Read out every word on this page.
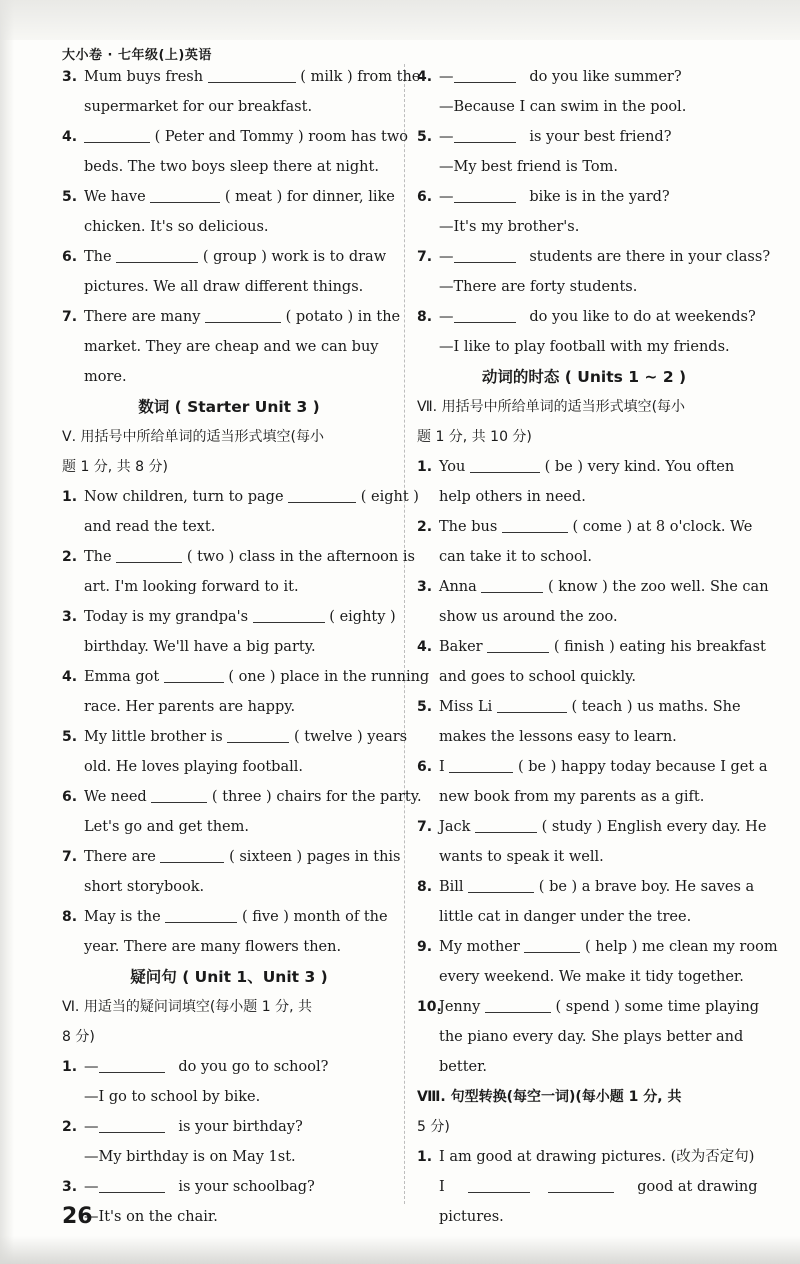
大小卷 · 七年级(上)英语
3. Mum buys fresh	( milk ) from the
supermarket for our breakfast.
4.	( Peter and Tommy ) room has two
beds. The two boys sleep there at night.
5. We have	( meat ) for dinner, like
chicken. It's so delicious.
6. The	( group ) work is to draw
pictures. We all draw different things.
7. There are many	( potato ) in the
market. They are cheap and we can buy
more.
数词 ( Starter Unit 3 )
Ⅴ. 用括号中所给单词的适当形式填空(每小
题 1 分, 共 8 分)
1. Now children, turn to page	( eight )
and read the text.
2. The	( two ) class in the afternoon is
art. I'm looking forward to it.
3. Today is my grandpa's	( eighty )
birthday. We'll have a big party.
4. Emma got	( one ) place in the running
race. Her parents are happy.
5. My little brother is	( twelve ) years
old. He loves playing football.
6. We need	( three ) chairs for the party.
Let's go and get them.
7. There are	( sixteen ) pages in this
short storybook.
8. May is the	( five ) month of the
year. There are many flowers then.
疑问句 ( Unit 1、Unit 3 )
Ⅵ. 用适当的疑问词填空(每小题 1 分, 共
8 分)
1. —	do you go to school?
—I go to school by bike.
2. —	is your birthday?
—My birthday is on May 1st.
3. —	is your schoolbag?
—It's on the chair.
4. —	do you like summer?
—Because I can swim in the pool.
5. —	is your best friend?
—My best friend is Tom.
6. —	bike is in the yard?
—It's my brother's.
7. —	students are there in your class?
—There are forty students.
8. —	do you like to do at weekends?
—I like to play football with my friends.
动词的时态 ( Units 1 ~ 2 )
Ⅶ. 用括号中所给单词的适当形式填空(每小
题 1 分, 共 10 分)
1. You	( be ) very kind. You often
help others in need.
2. The bus	( come ) at 8 o'clock. We
can take it to school.
3. Anna	( know ) the zoo well. She can
show us around the zoo.
4. Baker	( finish ) eating his breakfast
and goes to school quickly.
5. Miss Li	( teach ) us maths. She
makes the lessons easy to learn.
6. I	( be ) happy today because I get a
new book from my parents as a gift.
7. Jack	( study ) English every day. He
wants to speak it well.
8. Bill	( be ) a brave boy. He saves a
little cat in danger under the tree.
9. My mother	( help ) me clean my room
every weekend. We make it tidy together.
10.Jenny	( spend ) some time playing
the piano every day. She plays better and
better.
Ⅷ. 句型转换(每空一词)(每小题 1 分, 共
5 分)
1. I am good at drawing pictures. (改为否定句)
I	good at drawing
pictures.
26
